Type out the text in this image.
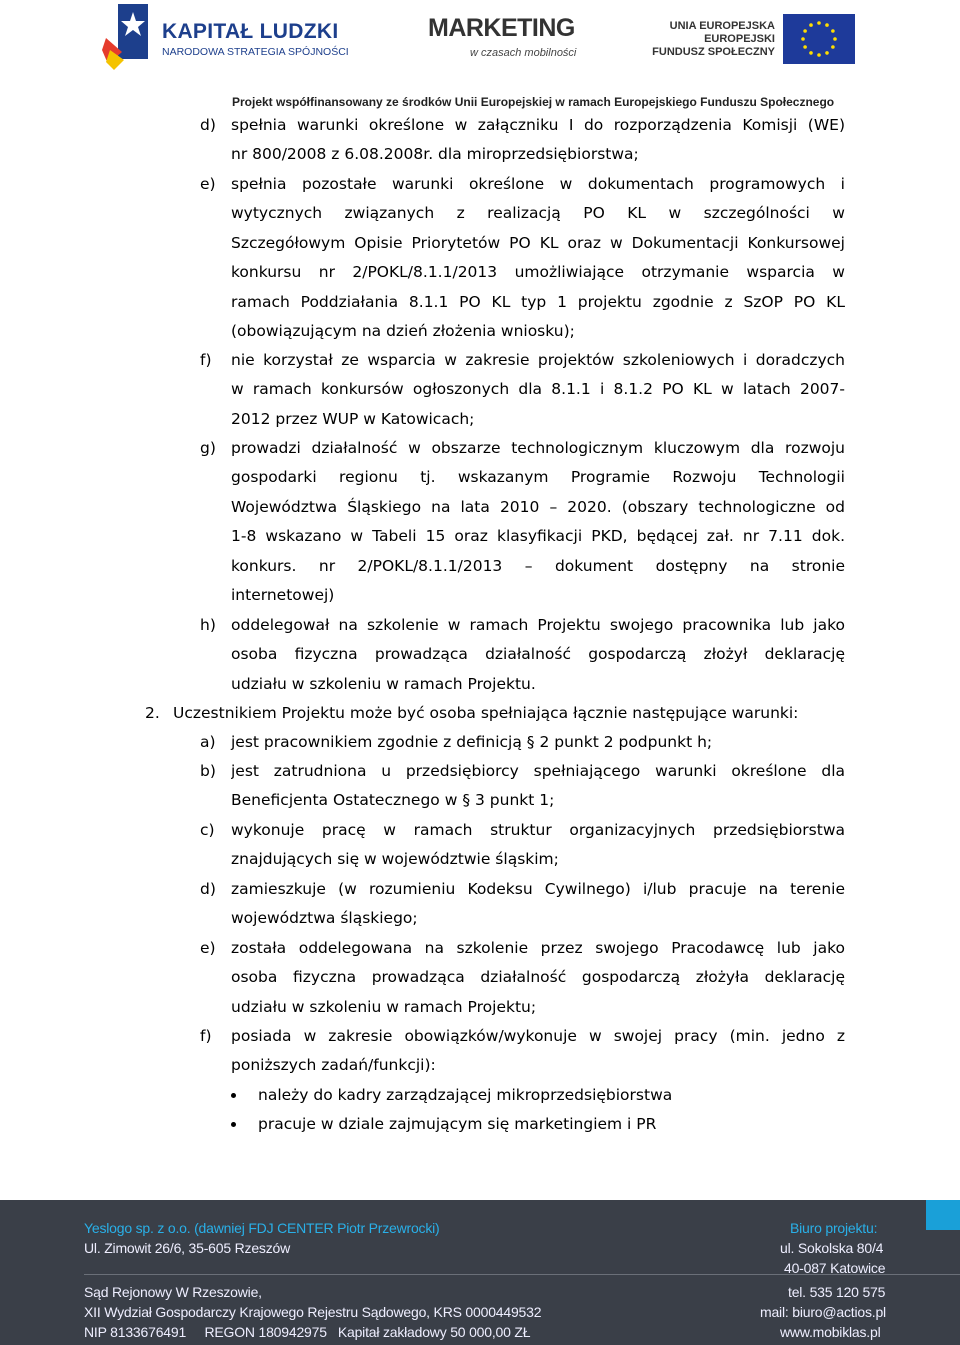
KAPITAŁ LUDZKI
NARODOWA STRATEGIA SPÓJNOŚCI
MARKETING
w czasach mobilności
UNIA EUROPEJSKA
EUROPEJSKI
FUNDUSZ SPOŁECZNY
Projekt współfinansowany ze środków Unii Europejskiej w ramach Europejskiego Funduszu Społecznego
d) spełnia warunki określone w załączniku I do rozporządzenia Komisji (WE)
nr 800/2008 z 6.08.2008r. dla miroprzedsiębiorstwa;
e) spełnia pozostałe warunki określone w dokumentach programowych i
wytycznych związanych z realizacją PO KL w szczególności w
Szczegółowym Opisie Priorytetów PO KL oraz w Dokumentacji Konkursowej
konkursu nr 2/POKL/8.1.1/2013 umożliwiające otrzymanie wsparcia w
ramach Poddziałania 8.1.1 PO KL typ 1 projektu zgodnie z SzOP PO KL
(obowiązującym na dzień złożenia wniosku);
f) nie korzystał ze wsparcia w zakresie projektów szkoleniowych i doradczych
w ramach konkursów ogłoszonych dla 8.1.1 i 8.1.2 PO KL w latach 2007-
2012 przez WUP w Katowicach;
g) prowadzi działalność w obszarze technologicznym kluczowym dla rozwoju
gospodarki regionu tj. wskazanym Programie Rozwoju Technologii
Województwa Śląskiego na lata 2010 – 2020. (obszary technologiczne od
1-8 wskazano w Tabeli 15 oraz klasyfikacji PKD, będącej zał. nr 7.11 dok.
konkurs. nr 2/POKL/8.1.1/2013 – dokument dostępny na stronie
internetowej)
h) oddelegował na szkolenie w ramach Projektu swojego pracownika lub jako
osoba fizyczna prowadząca działalność gospodarczą złożył deklarację
udziału w szkoleniu w ramach Projektu.
2. Uczestnikiem Projektu może być osoba spełniająca łącznie następujące warunki:
a) jest pracownikiem zgodnie z definicją § 2 punkt 2 podpunkt h;
b) jest zatrudniona u przedsiębiorcy spełniającego warunki określone dla
Beneficjenta Ostatecznego w § 3 punkt 1;
c) wykonuje pracę w ramach struktur organizacyjnych przedsiębiorstwa
znajdujących się w województwie śląskim;
d) zamieszkuje (w rozumieniu Kodeksu Cywilnego) i/lub pracuje na terenie
województwa śląskiego;
e) została oddelegowana na szkolenie przez swojego Pracodawcę lub jako
osoba fizyczna prowadząca działalność gospodarczą złożyła deklarację
udziału w szkoleniu w ramach Projektu;
f) posiada w zakresie obowiązków/wykonuje w swojej pracy (min. jedno z
poniższych zadań/funkcji):
należy do kadry zarządzającej mikroprzedsiębiorstwa
pracuje w dziale zajmującym się marketingiem i PR
Yeslogo sp. z o.o. (dawniej FDJ CENTER Piotr Przewrocki)
Ul. Zimowit 26/6, 35-605 Rzeszów
Sąd Rejonowy W Rzeszowie,
XII Wydział Gospodarczy Krajowego Rejestru Sądowego, KRS 0000449532
NIP 8133676491     REGON 180942975   Kapitał zakładowy 50 000,00 ZŁ
Biuro projektu:
ul. Sokolska 80/4
40-087 Katowice
tel. 535 120 575
mail: biuro@actios.pl
www.mobiklas.pl
